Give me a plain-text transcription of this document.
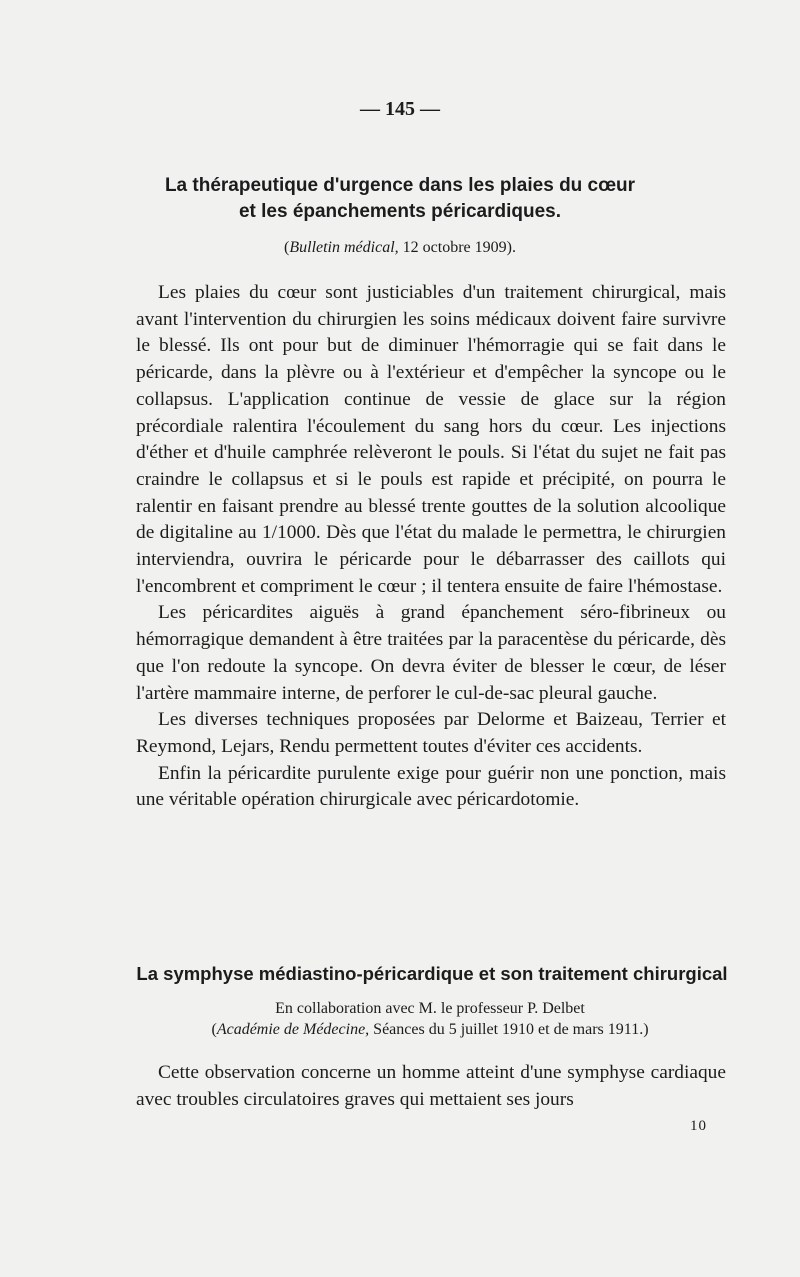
— 145 —
La thérapeutique d'urgence dans les plaies du cœur
et les épanchements péricardiques.
(Bulletin médical, 12 octobre 1909).

Les plaies du cœur sont justiciables d'un traitement chirurgical, mais avant l'intervention du chirurgien les soins médicaux doivent faire survivre le blessé. Ils ont pour but de diminuer l'hémorragie qui se fait dans le péricarde, dans la plèvre ou à l'extérieur et d'empêcher la syncope ou le collapsus. L'application continue de vessie de glace sur la région précordiale ralentira l'écoulement du sang hors du cœur. Les injections d'éther et d'huile camphrée relèveront le pouls. Si l'état du sujet ne fait pas craindre le collapsus et si le pouls est rapide et précipité, on pourra le ralentir en faisant prendre au blessé trente gouttes de la solution alcoolique de digitaline au 1/1000. Dès que l'état du malade le permettra, le chirurgien interviendra, ouvrira le péricarde pour le débarrasser des caillots qui l'encombrent et compriment le cœur ; il tentera ensuite de faire l'hémostase.

Les péricardites aiguës à grand épanchement séro-fibrineux ou hémorragique demandent à être traitées par la paracentèse du péricarde, dès que l'on redoute la syncope. On devra éviter de blesser le cœur, de léser l'artère mammaire interne, de perforer le cul-de-sac pleural gauche.

Les diverses techniques proposées par Delorme et Baizeau, Terrier et Reymond, Lejars, Rendu permettent toutes d'éviter ces accidents.

Enfin la péricardite purulente exige pour guérir non une ponction, mais une véritable opération chirurgicale avec péricardotomie.

La symphyse médiastino-péricardique et son traitement chirurgical
En collaboration avec M. le professeur P. Delbet
(Académie de Médecine, Séances du 5 juillet 1910 et de mars 1911.)

Cette observation concerne un homme atteint d'une symphyse cardiaque avec troubles circulatoires graves qui mettaient ses jours

10
